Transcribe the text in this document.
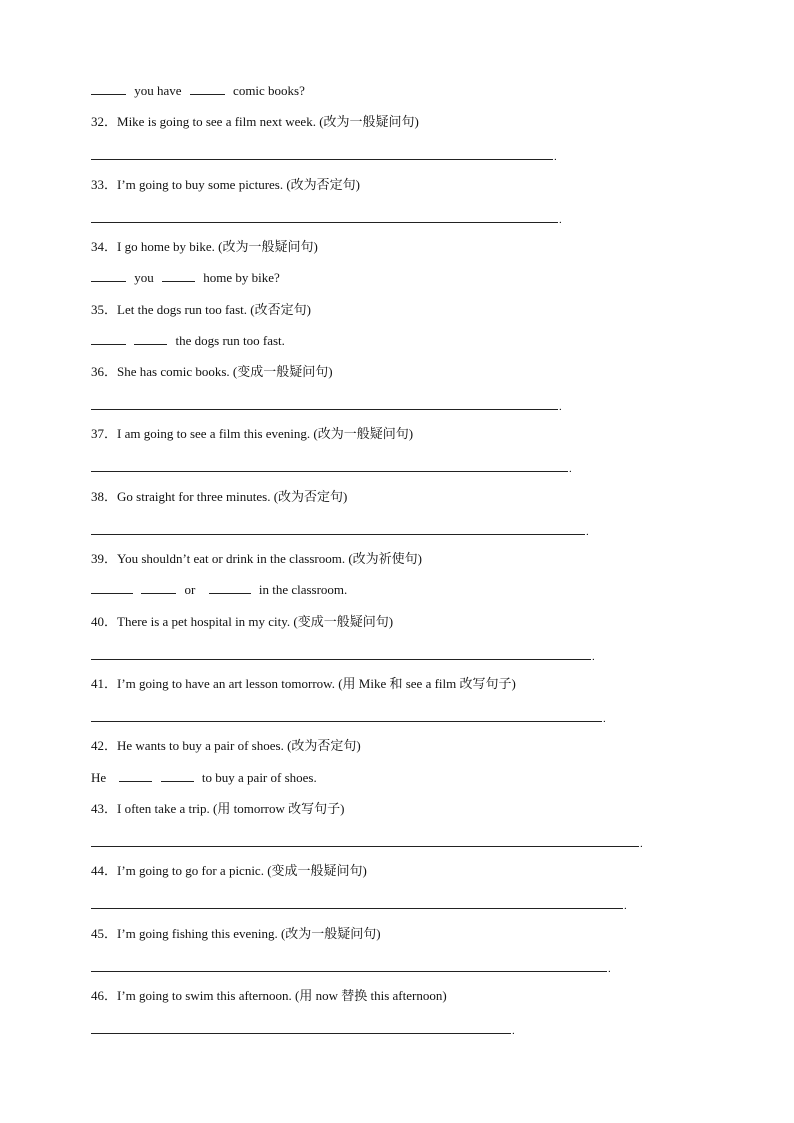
you have	comic books?
32．Mike is going to see a film next week. (改为一般疑问句)
.
33．I’m going to buy some pictures. (改为否定句)
.
34．I go home by bike. (改为一般疑问句)
you	home by bike?
35．Let the dogs run too fast. (改否定句)
the dogs run too fast.
36．She has comic books. (变成一般疑问句)
.
37．I am going to see a film this evening. (改为一般疑问句)
.
38．Go straight for three minutes. (改为否定句)
.
39．You shouldn’t eat or drink in the classroom. (改为祈使句)
or	in the classroom.
40．There is a pet hospital in my city. (变成一般疑问句)
.
41．I’m going to have an art lesson tomorrow. (用 Mike 和 see a film 改写句子)
.
42．He wants to buy a pair of shoes. (改为否定句)
He	to buy a pair of shoes.
43．I often take a trip. (用 tomorrow 改写句子)
.
44．I’m going to go for a picnic. (变成一般疑问句)
.
45．I’m going fishing this evening. (改为一般疑问句)
.
46．I’m going to swim this afternoon. (用 now 替换 this afternoon)
.
